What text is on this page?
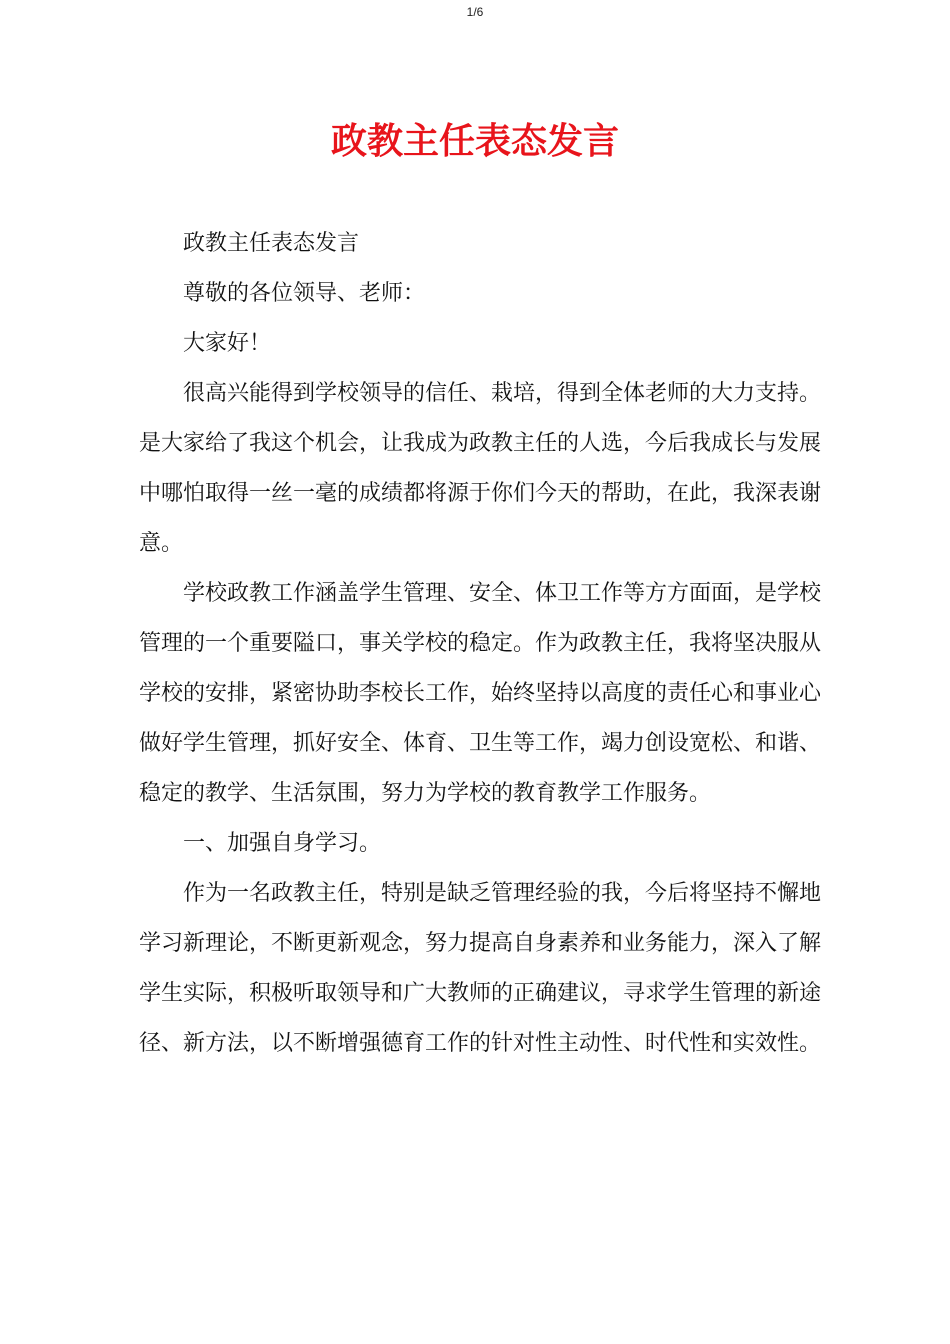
1/6
政教主任表态发言

政教主任表态发言

尊敬的各位领导、老师：

大家好！

很高兴能得到学校领导的信任、栽培，得到全体老师的大力支持。是大家给了我这个机会，让我成为政教主任的人选，今后我成长与发展中哪怕取得一丝一毫的成绩都将源于你们今天的帮助，在此，我深表谢意。

学校政教工作涵盖学生管理、安全、体卫工作等方方面面，是学校管理的一个重要隘口，事关学校的稳定。作为政教主任，我将坚决服从学校的安排，紧密协助李校长工作，始终坚持以高度的责任心和事业心做好学生管理，抓好安全、体育、卫生等工作，竭力创设宽松、和谐、稳定的教学、生活氛围，努力为学校的教育教学工作服务。

一、加强自身学习。

作为一名政教主任，特别是缺乏管理经验的我，今后将坚持不懈地学习新理论，不断更新观念，努力提高自身素养和业务能力，深入了解学生实际，积极听取领导和广大教师的正确建议，寻求学生管理的新途径、新方法，以不断增强德育工作的针对性主动性、时代性和实效性。
